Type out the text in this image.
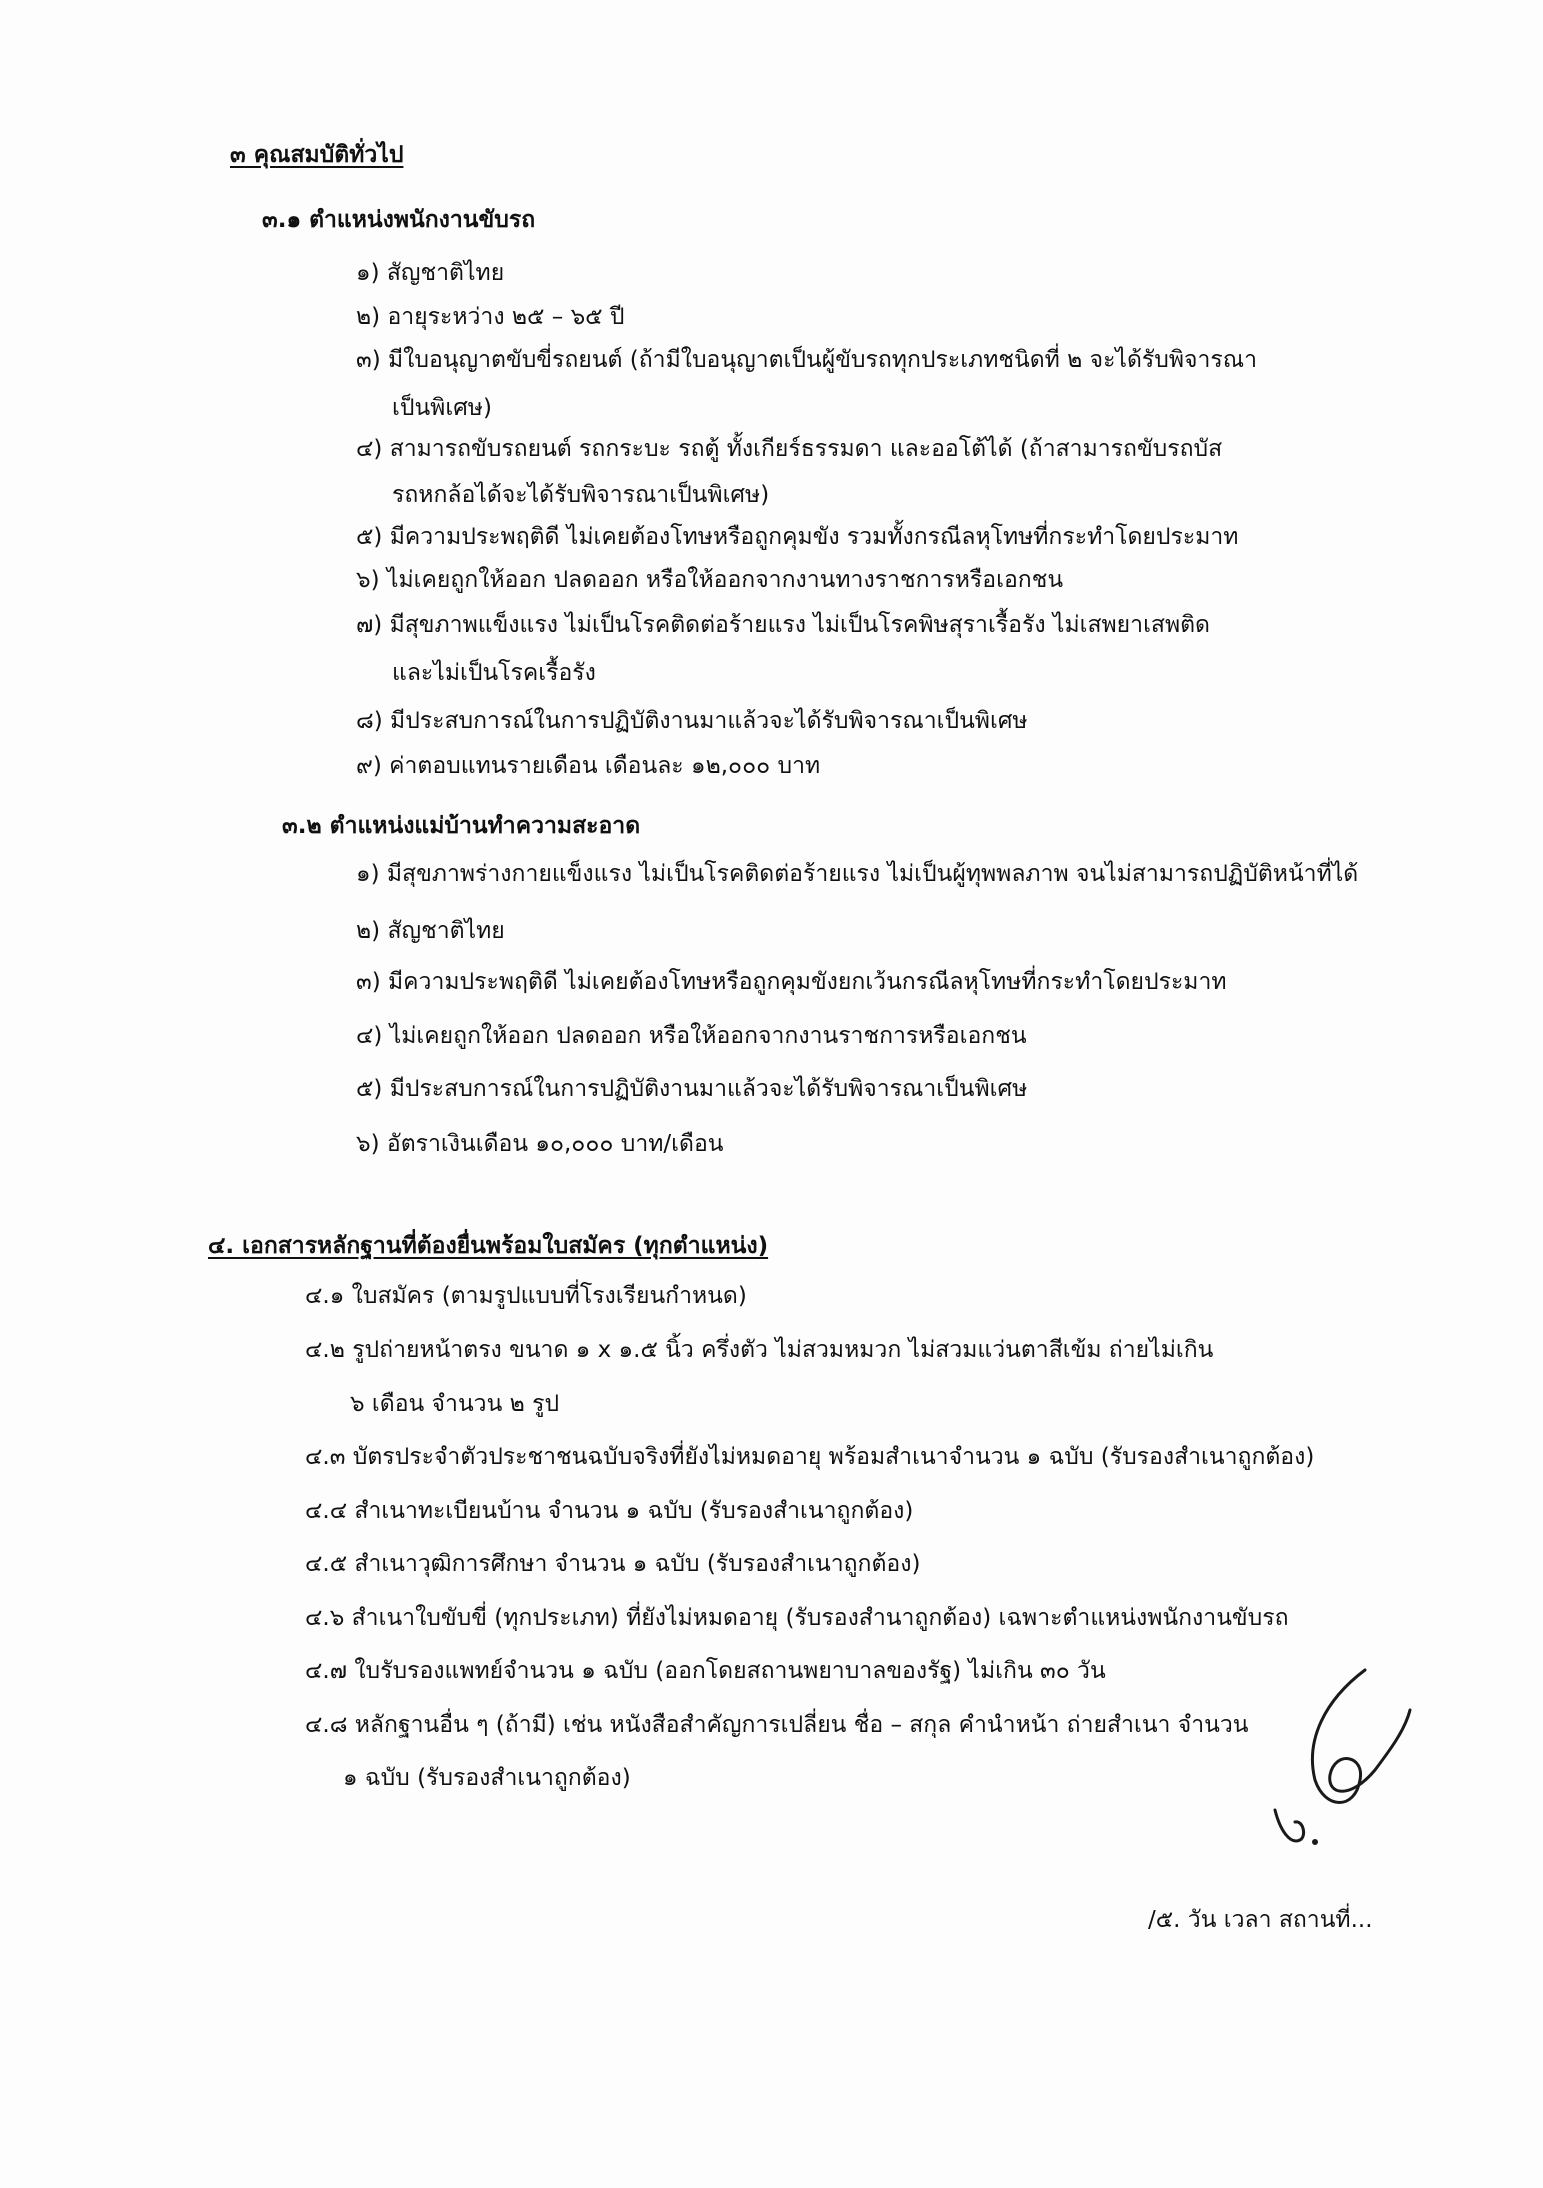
๓ คุณสมบัติทั่วไป
๓.๑ ตำแหน่งพนักงานขับรถ
๑) สัญชาติไทย
๒) อายุระหว่าง ๒๕ – ๖๕ ปี
๓) มีใบอนุญาตขับขี่รถยนต์ (ถ้ามีใบอนุญาตเป็นผู้ขับรถทุกประเภทชนิดที่ ๒ จะได้รับพิจารณา
เป็นพิเศษ)
๔) สามารถขับรถยนต์ รถกระบะ รถตู้ ทั้งเกียร์ธรรมดา และออโต้ได้ (ถ้าสามารถขับรถบัส
รถหกล้อได้จะได้รับพิจารณาเป็นพิเศษ)
๕) มีความประพฤติดี ไม่เคยต้องโทษหรือถูกคุมขัง รวมทั้งกรณีลหุโทษที่กระทำโดยประมาท
๖) ไม่เคยถูกให้ออก ปลดออก หรือให้ออกจากงานทางราชการหรือเอกชน
๗) มีสุขภาพแข็งแรง ไม่เป็นโรคติดต่อร้ายแรง ไม่เป็นโรคพิษสุราเรื้อรัง ไม่เสพยาเสพติด
และไม่เป็นโรคเรื้อรัง
๘) มีประสบการณ์ในการปฏิบัติงานมาแล้วจะได้รับพิจารณาเป็นพิเศษ
๙) ค่าตอบแทนรายเดือน เดือนละ ๑๒,๐๐๐ บาท
๓.๒ ตำแหน่งแม่บ้านทำความสะอาด
๑) มีสุขภาพร่างกายแข็งแรง ไม่เป็นโรคติดต่อร้ายแรง ไม่เป็นผู้ทุพพลภาพ จนไม่สามารถปฏิบัติหน้าที่ได้
๒) สัญชาติไทย
๓) มีความประพฤติดี ไม่เคยต้องโทษหรือถูกคุมขังยกเว้นกรณีลหุโทษที่กระทำโดยประมาท
๔) ไม่เคยถูกให้ออก ปลดออก หรือให้ออกจากงานราชการหรือเอกชน
๕) มีประสบการณ์ในการปฏิบัติงานมาแล้วจะได้รับพิจารณาเป็นพิเศษ
๖) อัตราเงินเดือน ๑๐,๐๐๐ บาท/เดือน
๔. เอกสารหลักฐานที่ต้องยื่นพร้อมใบสมัคร (ทุกตำแหน่ง)
๔.๑ ใบสมัคร (ตามรูปแบบที่โรงเรียนกำหนด)
๔.๒ รูปถ่ายหน้าตรง ขนาด ๑ x ๑.๕ นิ้ว ครึ่งตัว ไม่สวมหมวก ไม่สวมแว่นตาสีเข้ม ถ่ายไม่เกิน
๖ เดือน จำนวน ๒ รูป
๔.๓ บัตรประจำตัวประชาชนฉบับจริงที่ยังไม่หมดอายุ พร้อมสำเนาจำนวน ๑ ฉบับ (รับรองสำเนาถูกต้อง)
๔.๔ สำเนาทะเบียนบ้าน จำนวน ๑ ฉบับ (รับรองสำเนาถูกต้อง)
๔.๕ สำเนาวุฒิการศึกษา จำนวน ๑ ฉบับ (รับรองสำเนาถูกต้อง)
๔.๖ สำเนาใบขับขี่ (ทุกประเภท) ที่ยังไม่หมดอายุ (รับรองสำนาถูกต้อง) เฉพาะตำแหน่งพนักงานขับรถ
๔.๗ ใบรับรองแพทย์จำนวน ๑ ฉบับ (ออกโดยสถานพยาบาลของรัฐ) ไม่เกิน ๓๐ วัน
๔.๘ หลักฐานอื่น ๆ (ถ้ามี) เช่น หนังสือสำคัญการเปลี่ยน ชื่อ – สกุล คำนำหน้า ถ่ายสำเนา จำนวน
๑ ฉบับ (รับรองสำเนาถูกต้อง)
/๕. วัน เวลา สถานที่...
